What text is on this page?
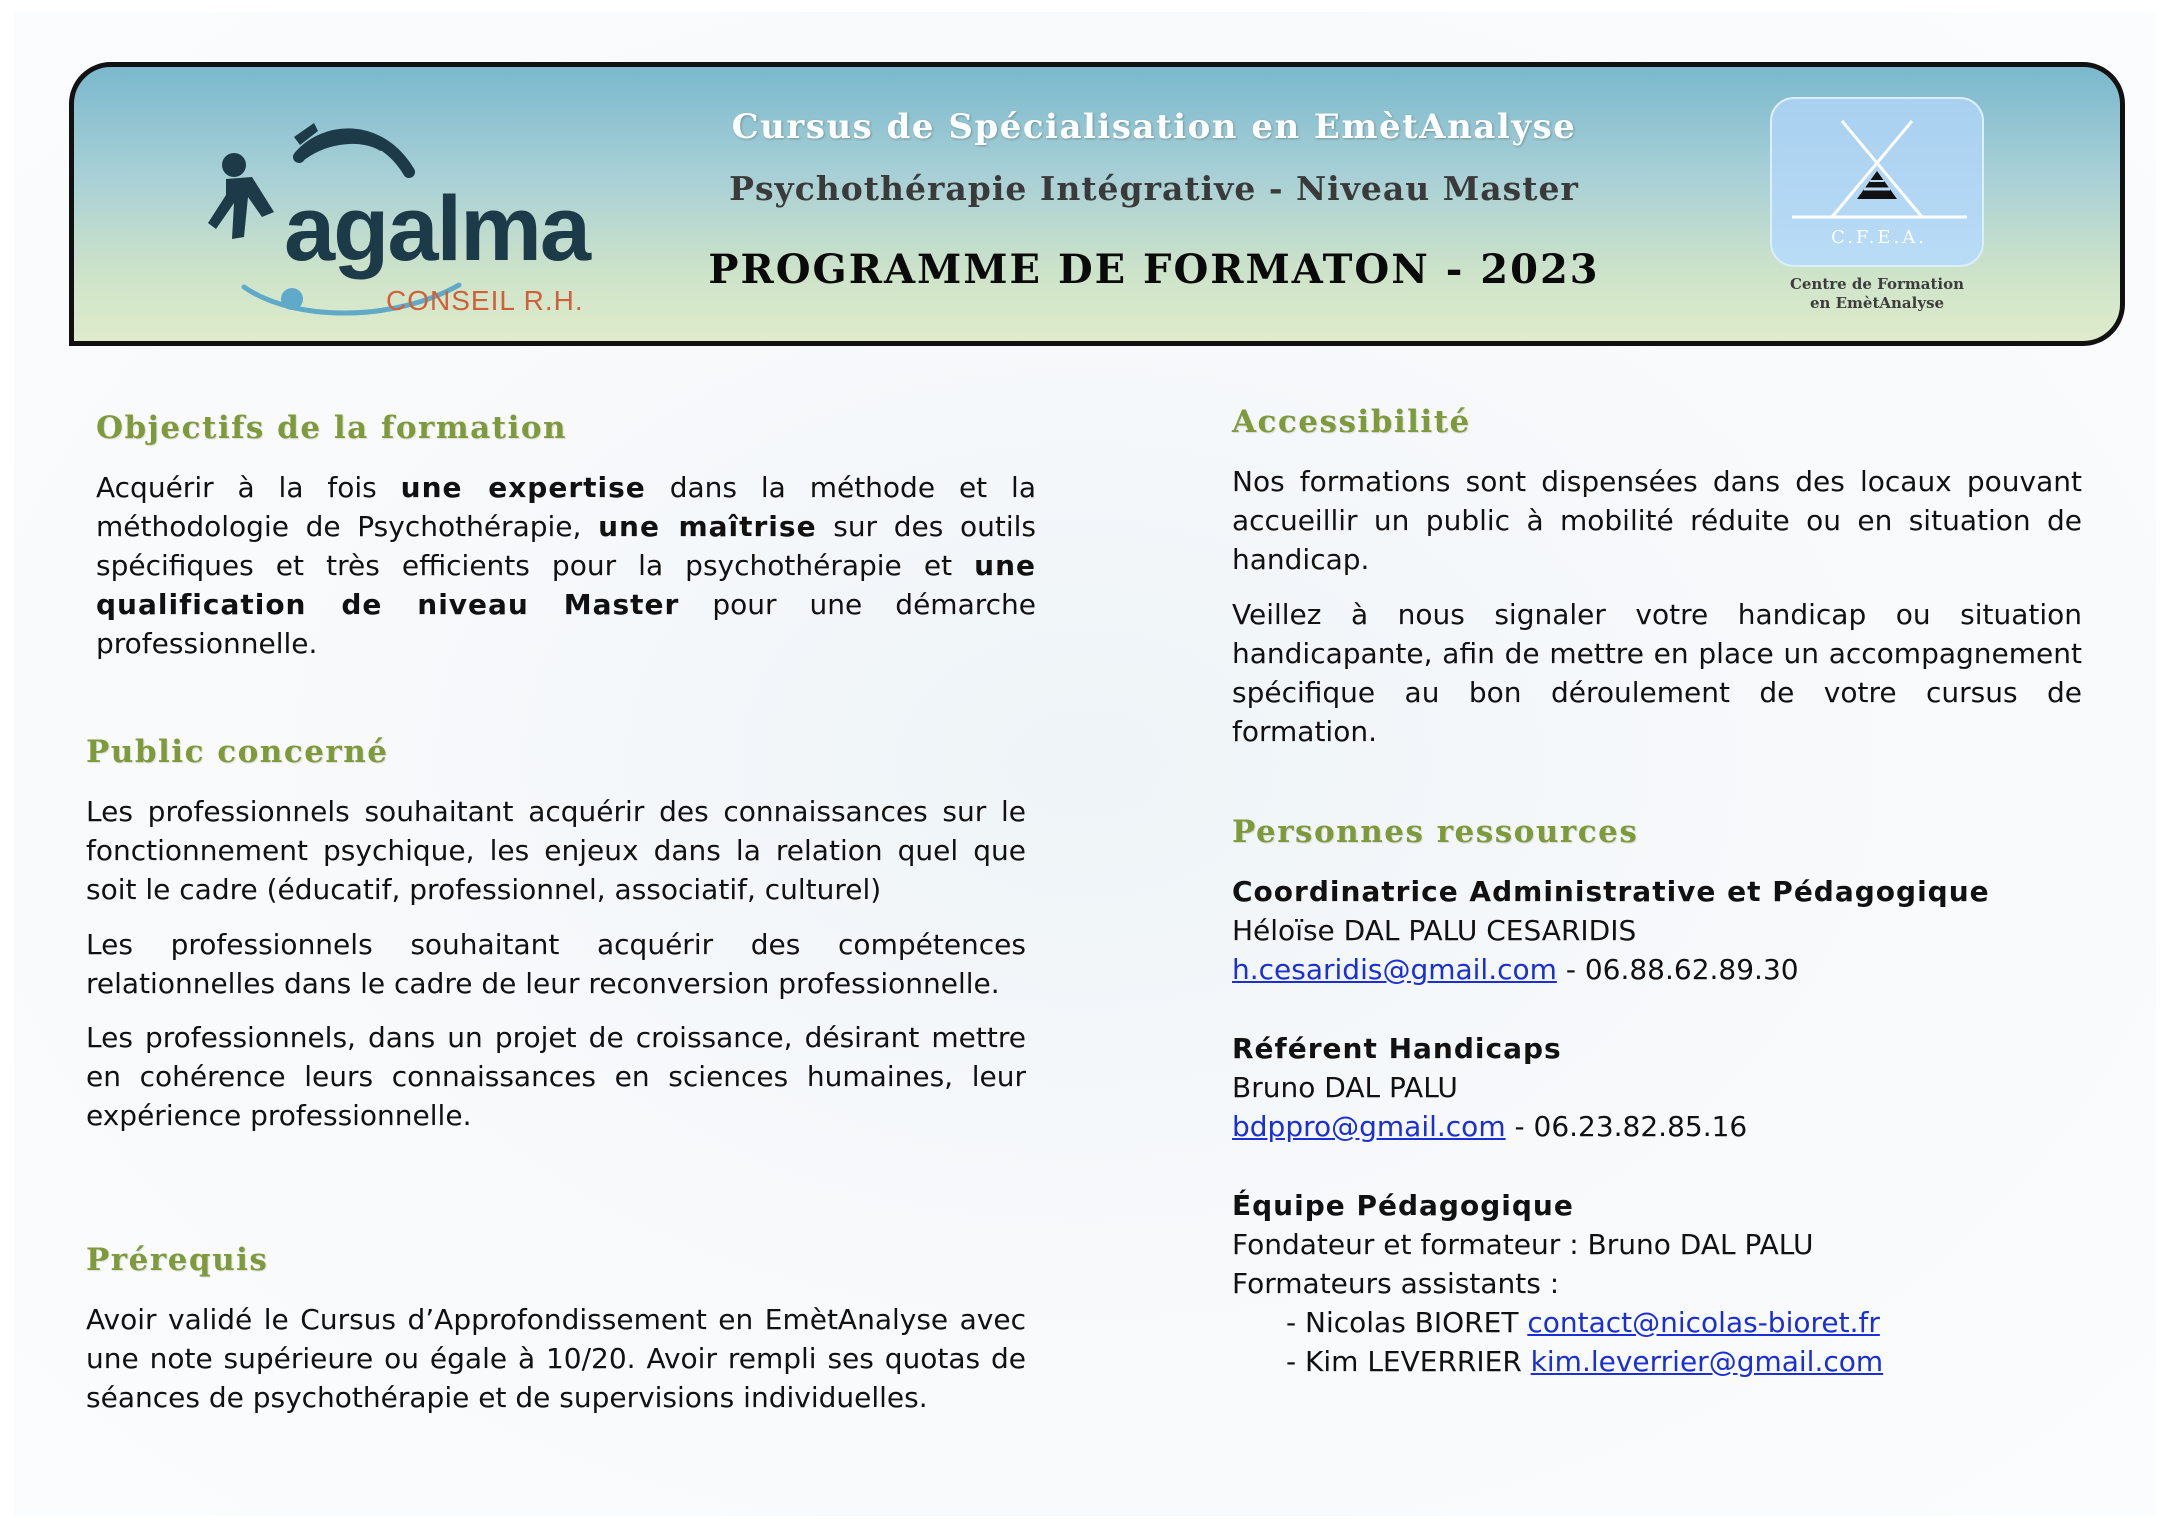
agalma
CONSEIL R.H.
Cursus de Spécialisation en EmètAnalyse
Psychothérapie Intégrative - Niveau Master
PROGRAMME DE FORMATON - 2023
C.F.E.A.
Centre de Formation
en EmètAnalyse
Objectifs de la formation
Acquérir à la fois une expertise dans la méthode et la méthodologie de Psychothérapie, une maîtrise sur des outils spécifiques et très efficients pour la psychothérapie et une qualification de niveau Master pour une démarche professionnelle.
Public concerné
Les professionnels souhaitant acquérir des connaissances sur le fonctionnement psychique, les enjeux dans la relation quel que soit le cadre (éducatif, professionnel, associatif, culturel)
Les professionnels souhaitant acquérir des compétences relationnelles dans le cadre de leur reconversion professionnelle.
Les professionnels, dans un projet de croissance, désirant mettre en cohérence leurs connaissances en sciences humaines, leur expérience professionnelle.
Prérequis
Avoir validé le Cursus d’Approfondissement en EmètAnalyse avec une note supérieure ou égale à 10/20. Avoir rempli ses quotas de séances de psychothérapie et de supervisions individuelles.
Accessibilité
Nos formations sont dispensées dans des locaux pouvant accueillir un public à mobilité réduite ou en situation de handicap.
Veillez à nous signaler votre handicap ou situation handicapante, afin de mettre en place un accompagnement spécifique au bon déroulement de votre cursus de formation.
Personnes ressources
Coordinatrice Administrative et Pédagogique
Héloïse DAL PALU CESARIDIS
h.cesaridis@gmail.com - 06.88.62.89.30
Référent Handicaps
Bruno DAL PALU
bdppro@gmail.com - 06.23.82.85.16
Équipe Pédagogique
Fondateur et formateur : Bruno DAL PALU
Formateurs assistants :
- Nicolas BIORET contact@nicolas-bioret.fr
- Kim LEVERRIER kim.leverrier@gmail.com
